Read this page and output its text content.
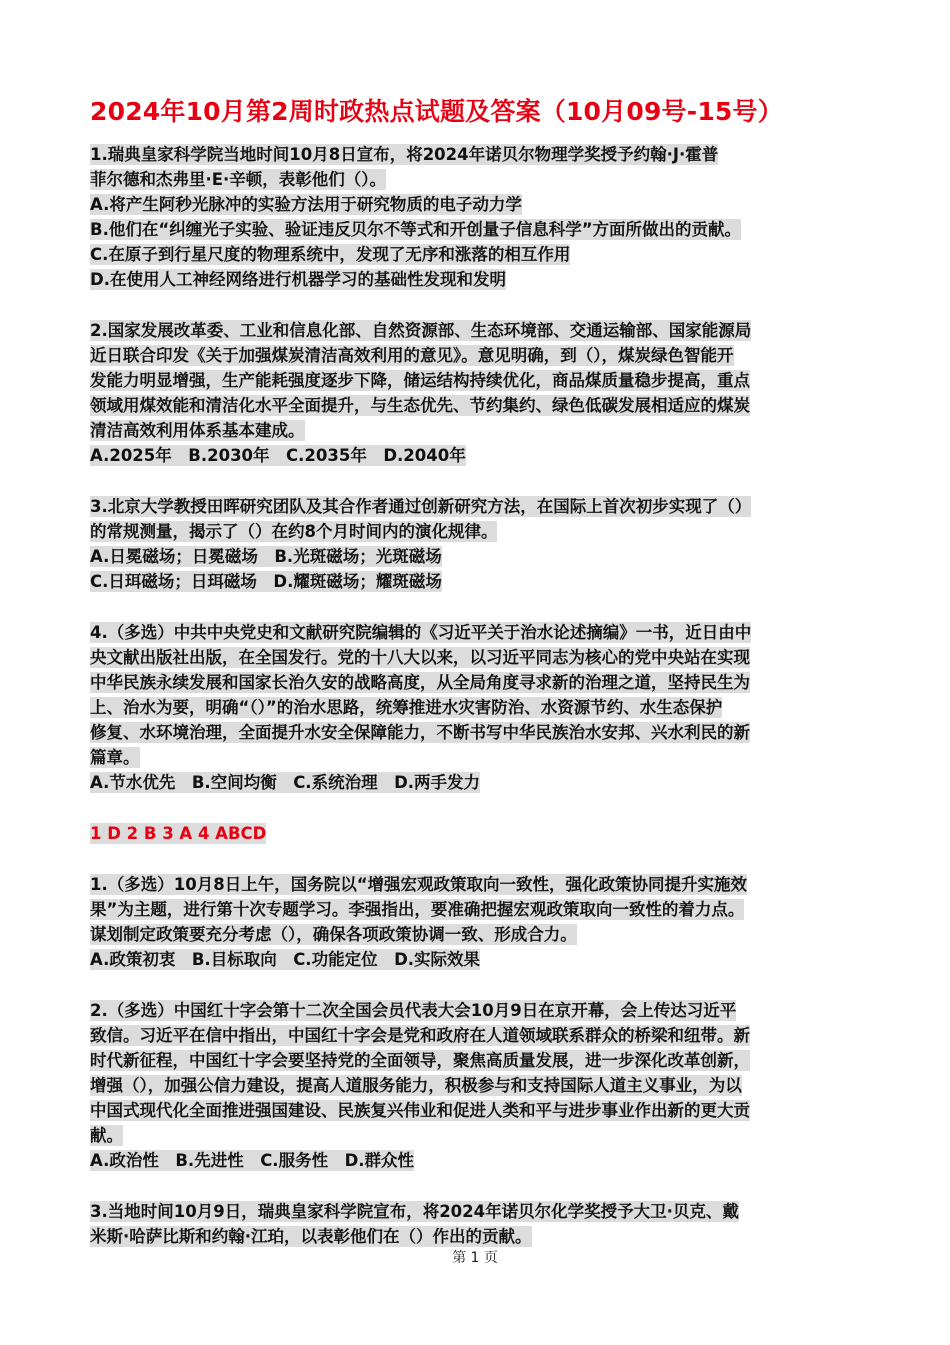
2024年10月第2周时政热点试题及答案（10月09号-15号）
1.瑞典皇家科学院当地时间10月8日宣布，将2024年诺贝尔物理学奖授予约翰·J·霍普
菲尔德和杰弗里·E·辛顿，表彰他们（）。
A.将产生阿秒光脉冲的实验方法用于研究物质的电子动力学
B.他们在“纠缠光子实验、验证违反贝尔不等式和开创量子信息科学”方面所做出的贡献。
C.在原子到行星尺度的物理系统中，发现了无序和涨落的相互作用
D.在使用人工神经网络进行机器学习的基础性发现和发明
2.国家发展改革委、工业和信息化部、自然资源部、生态环境部、交通运输部、国家能源局
近日联合印发《关于加强煤炭清洁高效利用的意见》。意见明确，到（），煤炭绿色智能开
发能力明显增强，生产能耗强度逐步下降，储运结构持续优化，商品煤质量稳步提高，重点
领域用煤效能和清洁化水平全面提升，与生态优先、节约集约、绿色低碳发展相适应的煤炭
清洁高效利用体系基本建成。
A.2025年　B.2030年　C.2035年　D.2040年
3.北京大学教授田晖研究团队及其合作者通过创新研究方法，在国际上首次初步实现了（）
的常规测量，揭示了（）在约8个月时间内的演化规律。
A.日冕磁场；日冕磁场　B.光斑磁场；光斑磁场
C.日珥磁场；日珥磁场　D.耀斑磁场；耀斑磁场
4.（多选）中共中央党史和文献研究院编辑的《习近平关于治水论述摘编》一书，近日由中
央文献出版社出版，在全国发行。党的十八大以来，以习近平同志为核心的党中央站在实现
中华民族永续发展和国家长治久安的战略高度，从全局角度寻求新的治理之道，坚持民生为
上、治水为要，明确“（）”的治水思路，统筹推进水灾害防治、水资源节约、水生态保护
修复、水环境治理，全面提升水安全保障能力，不断书写中华民族治水安邦、兴水利民的新
篇章。
A.节水优先　B.空间均衡　C.系统治理　D.两手发力

1 D 2 B 3 A 4 ABCD

1.（多选）10月8日上午，国务院以“增强宏观政策取向一致性，强化政策协同提升实施效
果”为主题，进行第十次专题学习。李强指出，要准确把握宏观政策取向一致性的着力点。
谋划制定政策要充分考虑（），确保各项政策协调一致、形成合力。
A.政策初衷　B.目标取向　C.功能定位　D.实际效果
2.（多选）中国红十字会第十二次全国会员代表大会10月9日在京开幕，会上传达习近平
致信。习近平在信中指出，中国红十字会是党和政府在人道领域联系群众的桥梁和纽带。新
时代新征程，中国红十字会要坚持党的全面领导，聚焦高质量发展，进一步深化改革创新，
增强（），加强公信力建设，提高人道服务能力，积极参与和支持国际人道主义事业，为以
中国式现代化全面推进强国建设、民族复兴伟业和促进人类和平与进步事业作出新的更大贡
献。
A.政治性　B.先进性　C.服务性　D.群众性
3.当地时间10月9日，瑞典皇家科学院宣布，将2024年诺贝尔化学奖授予大卫·贝克、戴
米斯·哈萨比斯和约翰·江珀，以表彰他们在（）作出的贡献。
第 1 页
